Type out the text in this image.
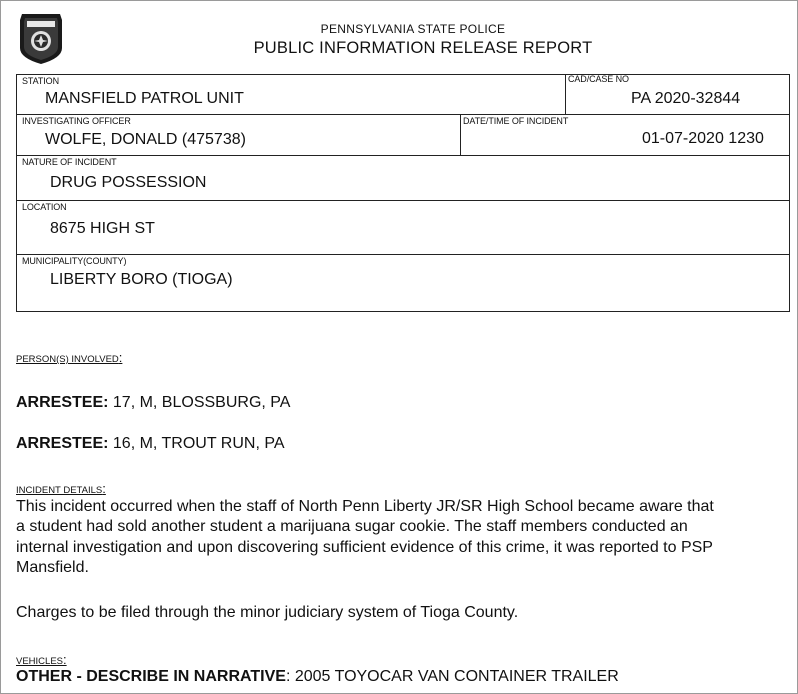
PENNSYLVANIA STATE POLICE
PUBLIC INFORMATION RELEASE REPORT
STATION
MANSFIELD PATROL UNIT
CAD/CASE NO
PA 2020-32844
INVESTIGATING OFFICER
WOLFE, DONALD (475738)
DATE/TIME OF INCIDENT
01-07-2020 1230
NATURE OF INCIDENT
DRUG POSSESSION
LOCATION
8675 HIGH ST
MUNICIPALITY(COUNTY)
LIBERTY BORO (TIOGA)
PERSON(S) INVOLVED:
ARRESTEE: 17, M, BLOSSBURG, PA
ARRESTEE: 16, M, TROUT RUN, PA
INCIDENT DETAILS:
This incident occurred when the staff of North Penn Liberty JR/SR High School became aware that
a student had sold another student a marijuana sugar cookie. The staff members conducted an
internal investigation and upon discovering sufficient evidence of this crime, it was reported to PSP
Mansfield.
Charges to be filed through the minor judiciary system of Tioga County.
VEHICLES:
OTHER - DESCRIBE IN NARRATIVE: 2005 TOYOCAR VAN CONTAINER TRAILER
